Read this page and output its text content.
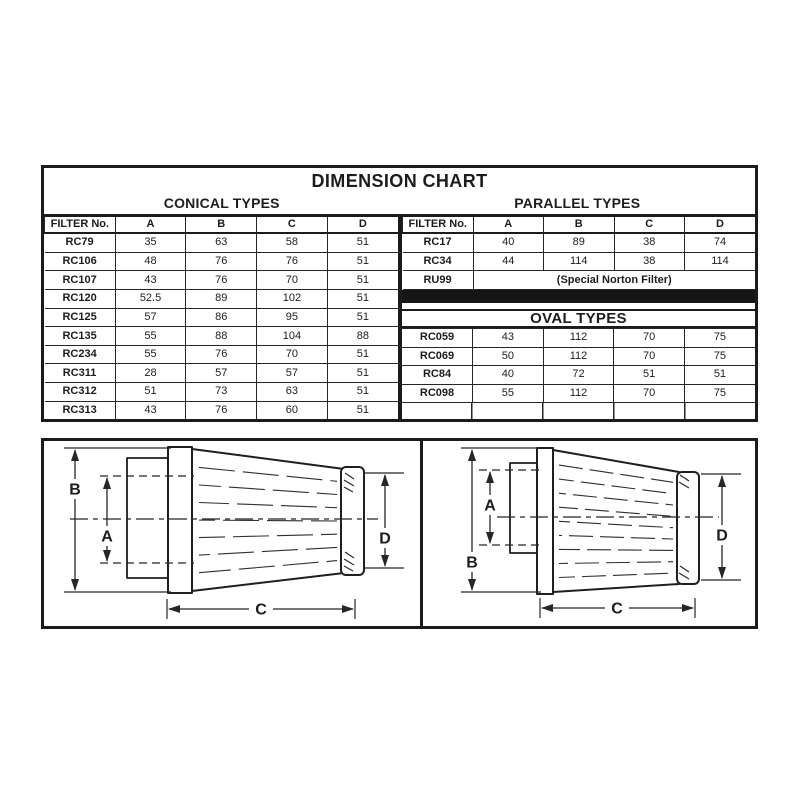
DIMENSION CHART
CONICAL TYPES	PARALLEL TYPES
FILTER No.	A	B	C	D
RC79	35	63	58	51
RC106	48	76	76	51
RC107	43	76	70	51
RC120	52.5	89	102	51
RC125	57	86	95	51
RC135	55	88	104	88
RC234	55	76	70	51
RC311	28	57	57	51
RC312	51	73	63	51
RC313	43	76	60	51
FILTER No.	A	B	C	D
RC17	40	89	38	74
RC34	44	114	38	114
RU99	(Special Norton Filter)			
OVAL TYPES
RC059	43	112	70	75
RC069	50	112	70	75
RC84	40	72	51	51
RC098	55	112	70	75
B
A	D
C
B
A
D
C
